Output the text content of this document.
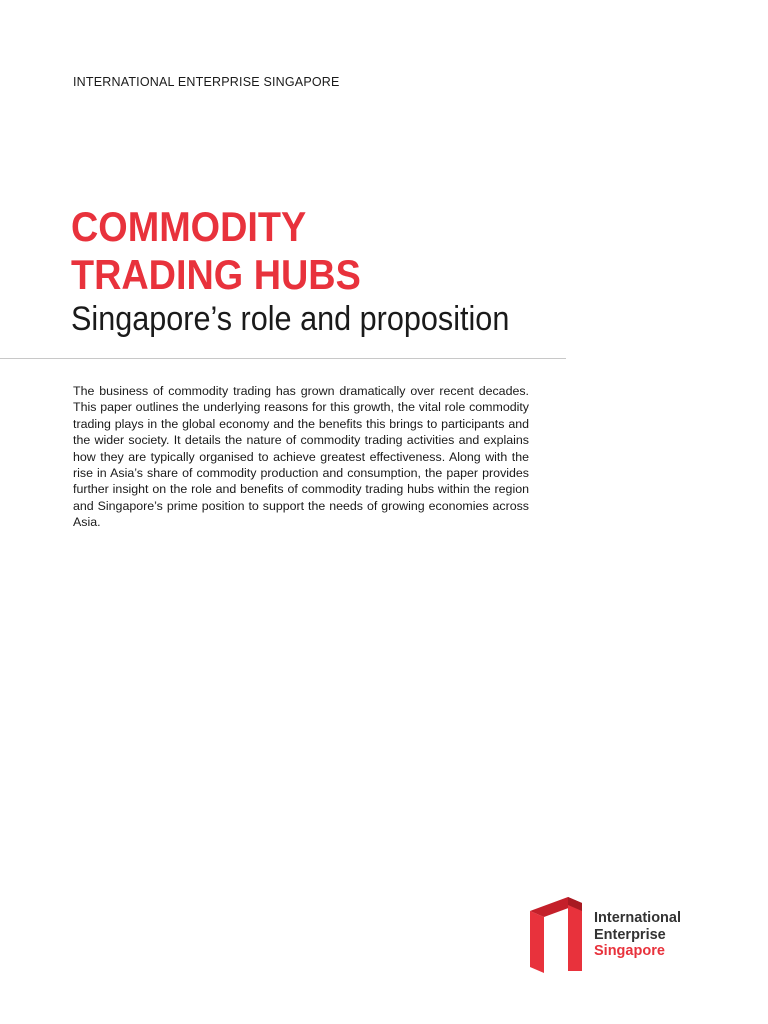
INTERNATIONAL ENTERPRISE SINGAPORE
COMMODITY
TRADING HUBS
Singapore’s role and proposition

The business of commodity trading has grown dramatically over recent decades. This paper outlines the underlying reasons for this growth, the vital role commodity trading plays in the global economy and the benefits this brings to participants and the wider society. It details the nature of commodity trading activities and explains how they are typically organised to achieve greatest effectiveness. Along with the rise in Asia’s share of commodity production and consumption, the paper provides further insight on the role and benefits of commodity trading hubs within the region and Singapore’s prime position to support the needs of growing economies across Asia.

International
Enterprise
Singapore
